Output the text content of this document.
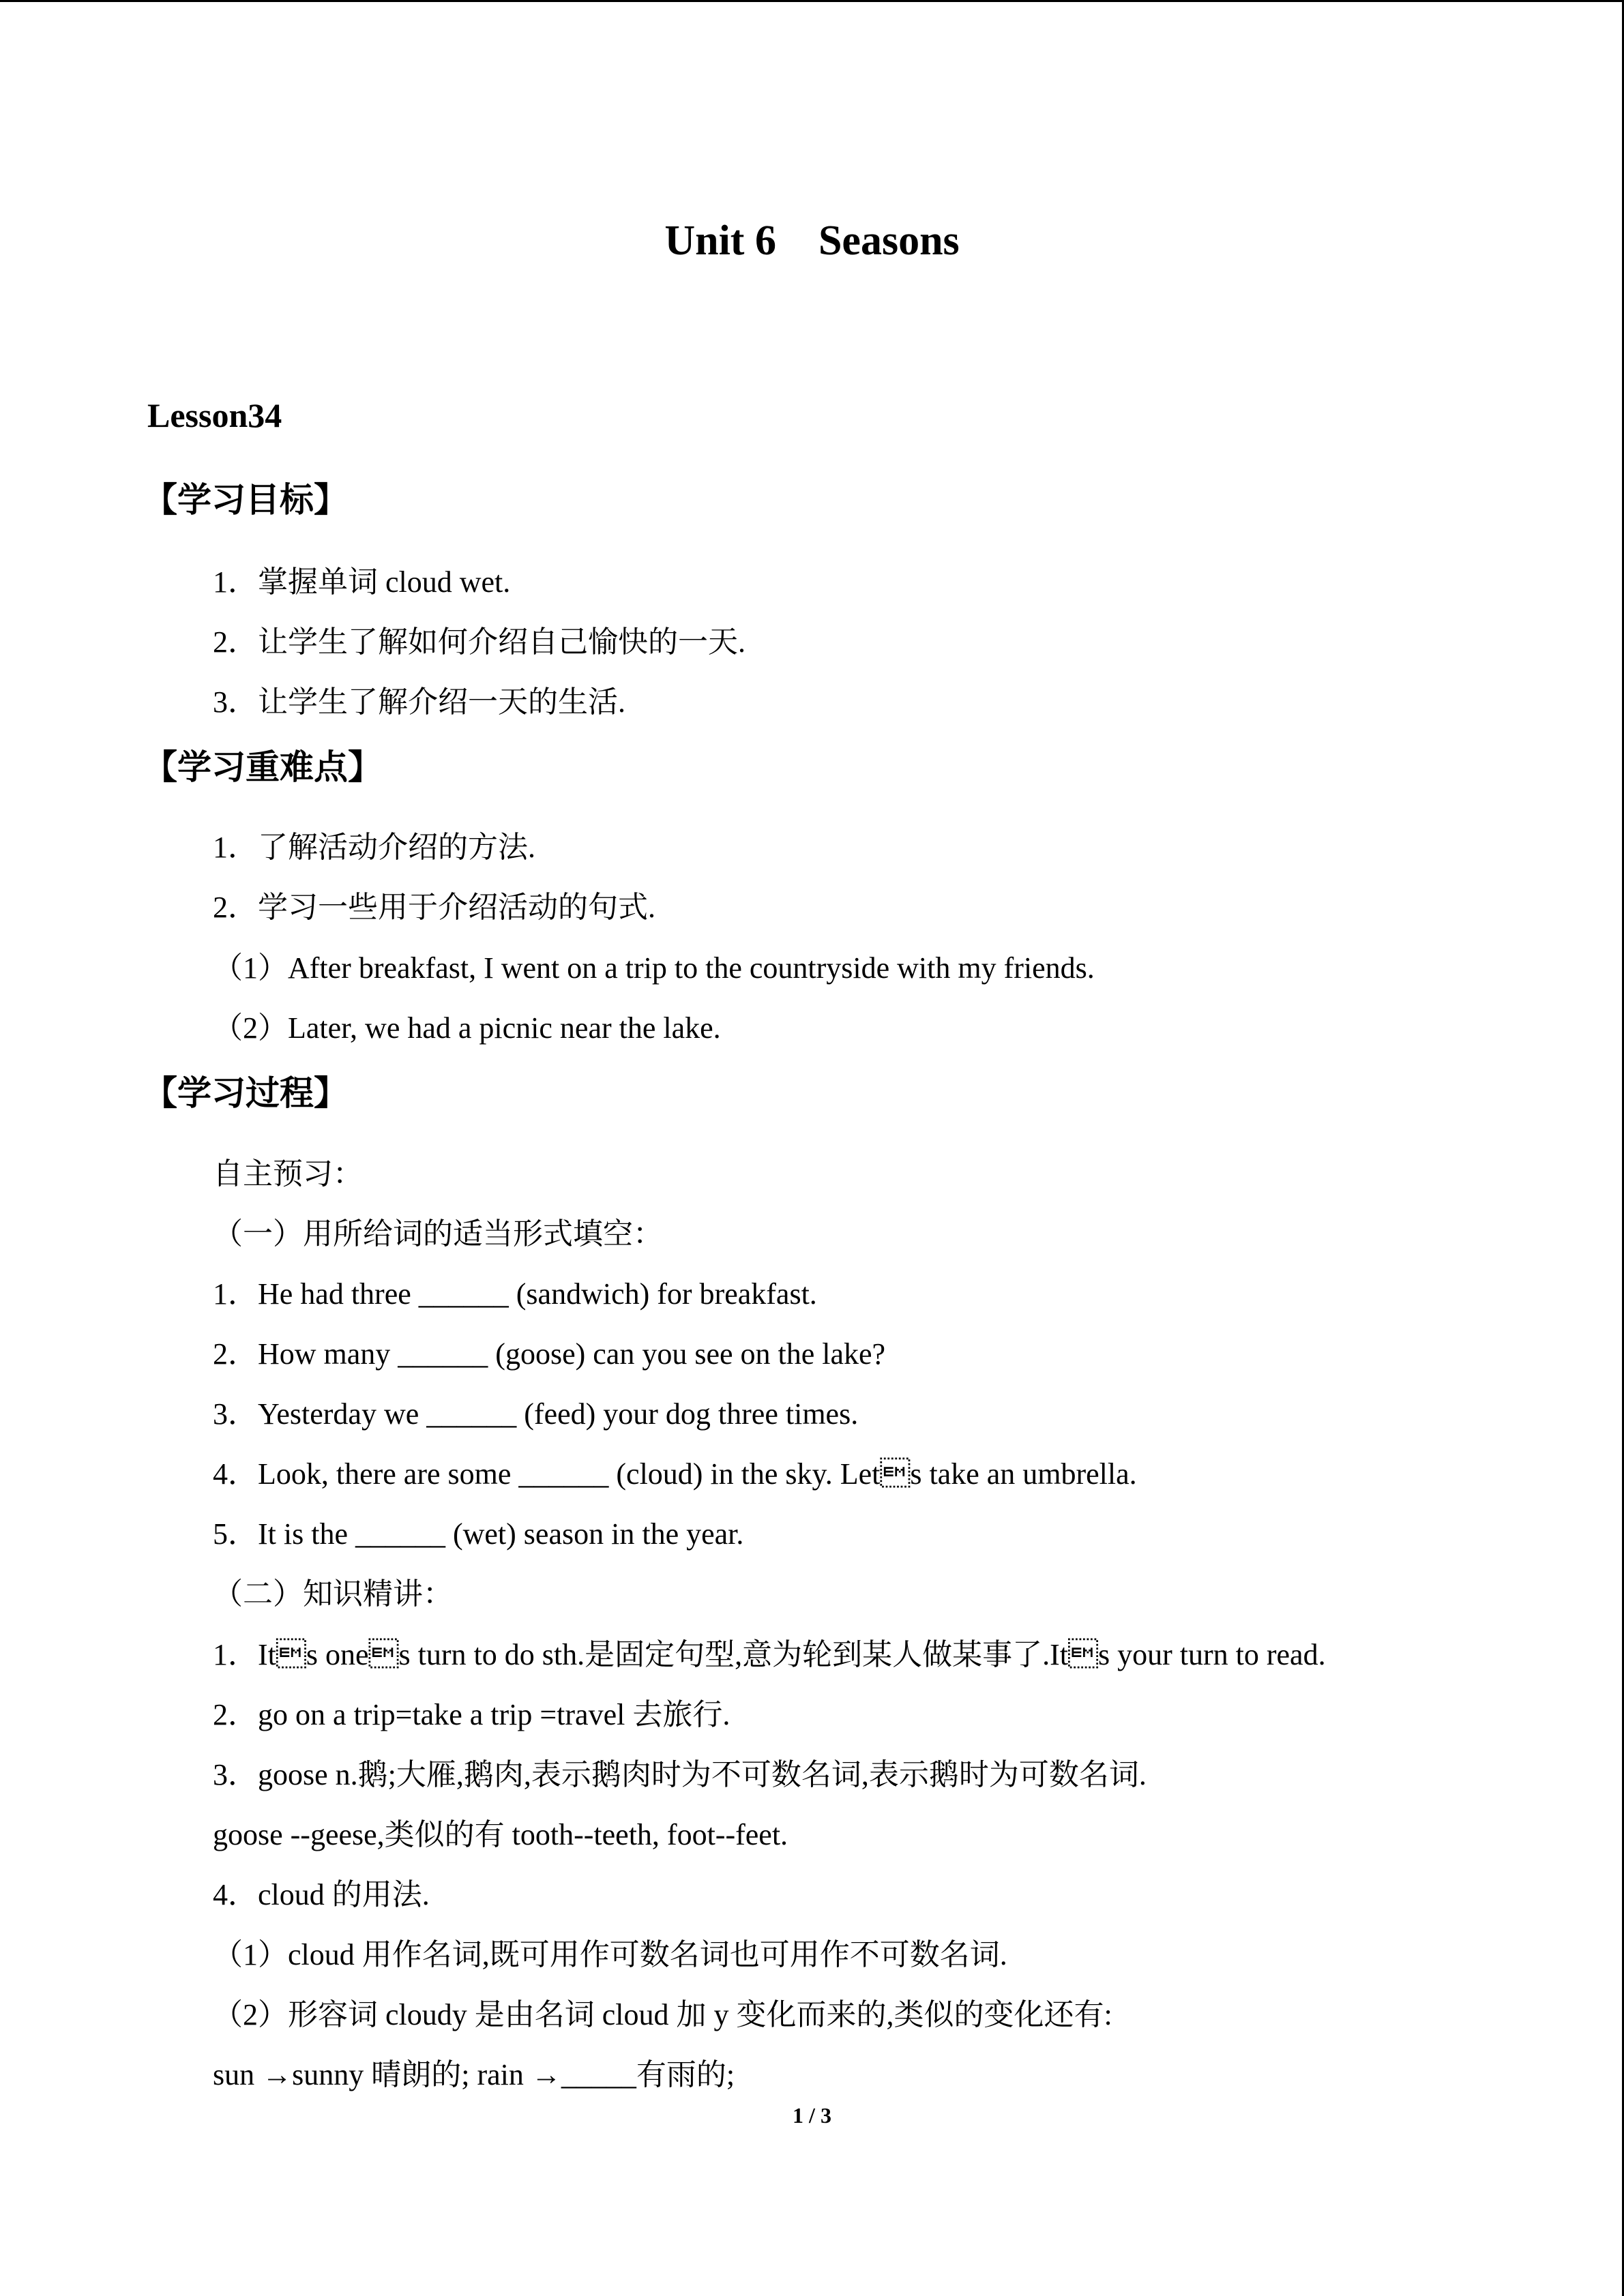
Unit 6    Seasons
Lesson34
【学习目标】
1．掌握单词 cloud wet.
2．让学生了解如何介绍自己愉快的一天.
3．让学生了解介绍一天的生活.
【学习重难点】
1．了解活动介绍的方法.
2．学习一些用于介绍活动的句式.
（1）After breakfast, I went on a trip to the countryside with my friends.
（2）Later, we had a picnic near the lake.
【学习过程】
自主预习：
（一）用所给词的适当形式填空：
1．He had three ______ (sandwich) for breakfast.
2．How many ______ (goose) can you see on the lake?
3．Yesterday we ______ (feed) your dog three times.
4．Look, there are some ______ (cloud) in the sky. Lets take an umbrella.
5．It is the ______ (wet) season in the year.
（二）知识精讲：
1．Its ones turn to do sth.是固定句型,意为轮到某人做某事了.Its your turn to read.
2．go on a trip=take a trip =travel 去旅行.
3．goose n.鹅;大雁,鹅肉,表示鹅肉时为不可数名词,表示鹅时为可数名词.
goose --geese,类似的有 tooth--teeth, foot--feet.
4．cloud 的用法.
（1）cloud 用作名词,既可用作可数名词也可用作不可数名词.
（2）形容词 cloudy 是由名词 cloud 加 y 变化而来的,类似的变化还有:
sun →sunny 晴朗的; rain →_____有雨的;
1 / 3
